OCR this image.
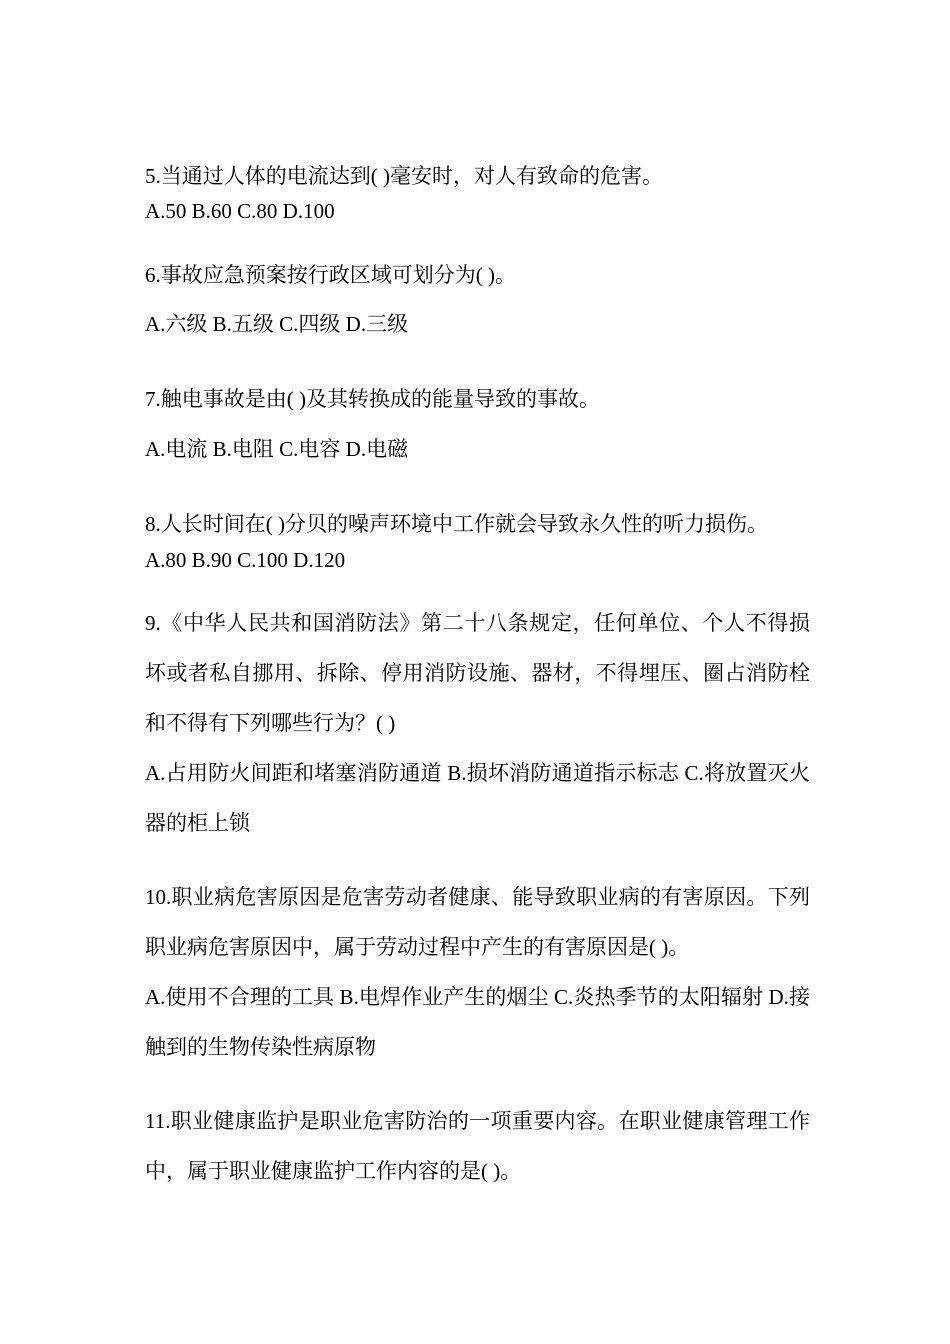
5.当通过人体的电流达到( )毫安时，对人有致命的危害。
A.50 B.60 C.80 D.100
6.事故应急预案按行政区域可划分为( )。
A.六级 B.五级 C.四级 D.三级
7.触电事故是由( )及其转换成的能量导致的事故。
A.电流 B.电阻 C.电容 D.电磁
8.人长时间在( )分贝的噪声环境中工作就会导致永久性的听力损伤。
A.80 B.90 C.100 D.120
9.《中华人民共和国消防法》第二十八条规定，任何单位、个人不得损坏或者私自挪用、拆除、停用消防设施、器材，不得埋压、圈占消防栓和不得有下列哪些行为？( )
A.占用防火间距和堵塞消防通道 B.损坏消防通道指示标志 C.将放置灭火器的柜上锁
10.职业病危害原因是危害劳动者健康、能导致职业病的有害原因。下列职业病危害原因中，属于劳动过程中产生的有害原因是( )。
A.使用不合理的工具 B.电焊作业产生的烟尘 C.炎热季节的太阳辐射 D.接触到的生物传染性病原物
11.职业健康监护是职业危害防治的一项重要内容。在职业健康管理工作中，属于职业健康监护工作内容的是( )。
